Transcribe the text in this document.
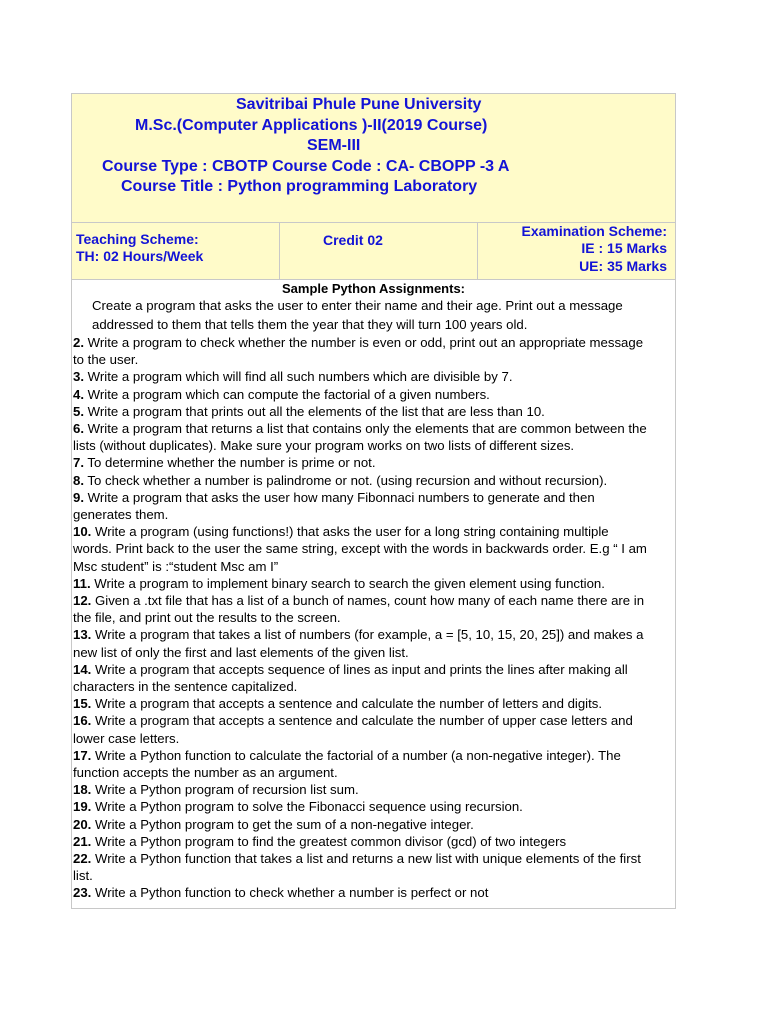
Savitribai Phule Pune University
M.Sc.(Computer Applications )-II(2019 Course)
SEM-III
Course Type : CBOTP Course Code : CA- CBOPP -3 A
Course Title : Python programming Laboratory
Teaching Scheme:
TH: 02 Hours/Week
Credit 02
Examination Scheme:
IE : 15 Marks
UE: 35 Marks
Sample Python Assignments:
Create a program that asks the user to enter their name and their age. Print out a message
addressed to them that tells them the year that they will turn 100 years old.
2. Write a program to check whether the number is even or odd, print out an appropriate message
to the user.
3. Write a program which will find all such numbers which are divisible by 7.
4. Write a program which can compute the factorial of a given numbers.
5. Write a program that prints out all the elements of the list that are less than 10.
6. Write a program that returns a list that contains only the elements that are common between the
lists (without duplicates). Make sure your program works on two lists of different sizes.
7. To determine whether the number is prime or not.
8. To check whether a number is palindrome or not. (using recursion and without recursion).
9. Write a program that asks the user how many Fibonnaci numbers to generate and then
generates them.
10. Write a program (using functions!) that asks the user for a long string containing multiple
words. Print back to the user the same string, except with the words in backwards order. E.g “ I am
Msc student” is :“student Msc am I”
11. Write a program to implement binary search to search the given element using function.
12. Given a .txt file that has a list of a bunch of names, count how many of each name there are in
the file, and print out the results to the screen.
13. Write a program that takes a list of numbers (for example, a = [5, 10, 15, 20, 25]) and makes a
new list of only the first and last elements of the given list.
14. Write a program that accepts sequence of lines as input and prints the lines after making all
characters in the sentence capitalized.
15. Write a program that accepts a sentence and calculate the number of letters and digits.
16. Write a program that accepts a sentence and calculate the number of upper case letters and
lower case letters.
17. Write a Python function to calculate the factorial of a number (a non-negative integer). The
function accepts the number as an argument.
18. Write a Python program of recursion list sum.
19. Write a Python program to solve the Fibonacci sequence using recursion.
20. Write a Python program to get the sum of a non-negative integer.
21. Write a Python program to find the greatest common divisor (gcd) of two integers
22. Write a Python function that takes a list and returns a new list with unique elements of the first
list.
23. Write a Python function to check whether a number is perfect or not
